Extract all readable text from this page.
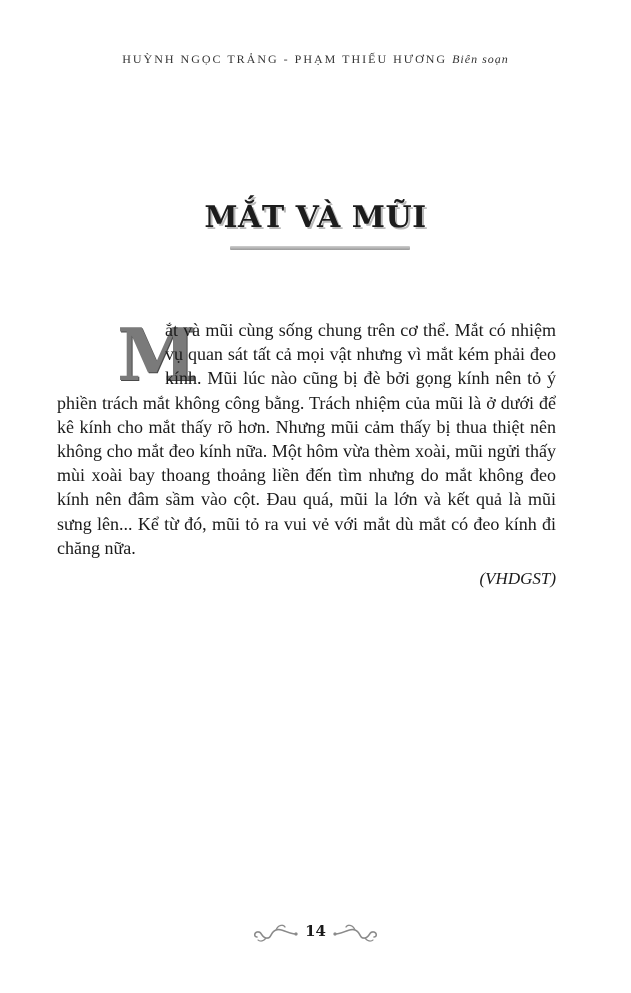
HUỲNH NGỌC TRẢNG - PHẠM THIẾU HƯƠNG Biên soạn
MẮT VÀ MŨI
M

ắt và mũi cùng sống chung trên cơ thể. Mắt có nhiệm vụ quan sát tất cả mọi vật nhưng vì mắt kém phải đeo kính. Mũi lúc nào cũng bị đè bởi gọng kính nên tỏ ý phiền trách mắt không công bằng. Trách nhiệm của mũi là ở dưới để kê kính cho mắt thấy rõ hơn. Nhưng mũi cảm thấy bị thua thiệt nên không cho mắt đeo kính nữa. Một hôm vừa thèm xoài, mũi ngửi thấy mùi xoài bay thoang thoảng liền đến tìm nhưng do mắt không đeo kính nên đâm sầm vào cột. Đau quá, mũi la lớn và kết quả là mũi sưng lên... Kể từ đó, mũi tỏ ra vui vẻ với mắt dù mắt có đeo kính đi chăng nữa.

(VHDGST)
14
